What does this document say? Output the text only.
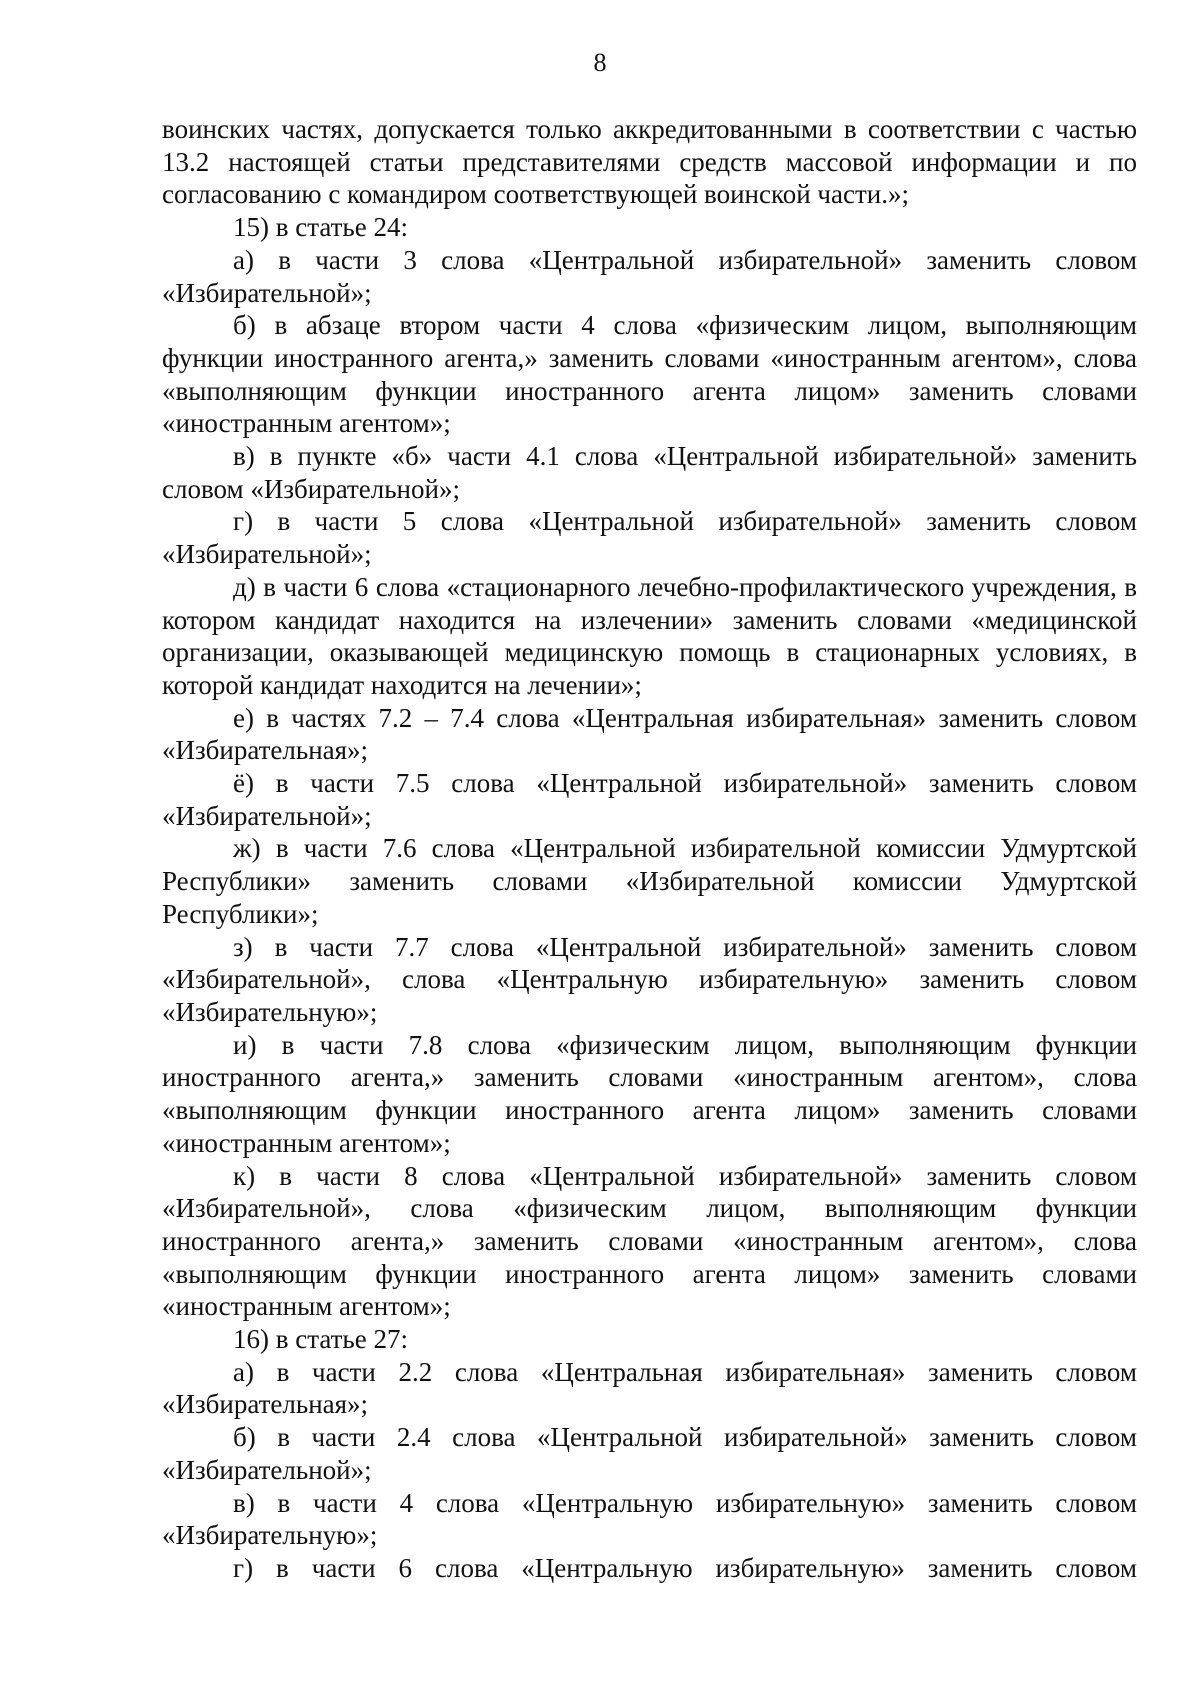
8

воинских частях, допускается только аккредитованными в соответствии с частью 13.2 настоящей статьи представителями средств массовой информации и по согласованию с командиром соответствующей воинской части.»;

15) в статье 24:

а) в части 3 слова «Центральной избирательной» заменить словом «Избирательной»;

б) в абзаце втором части 4 слова «физическим лицом, выполняющим функции иностранного агента,» заменить словами «иностранным агентом», слова «выполняющим функции иностранного агента лицом» заменить словами «иностранным агентом»;

в) в пункте «б» части 4.1 слова «Центральной избирательной» заменить словом «Избирательной»;

г) в части 5 слова «Центральной избирательной» заменить словом «Избирательной»;

д) в части 6 слова «стационарного лечебно-профилактического учреждения, в котором кандидат находится на излечении» заменить словами «медицинской организации, оказывающей медицинскую помощь в стационарных условиях, в которой кандидат находится на лечении»;

е) в частях 7.2 – 7.4 слова «Центральная избирательная» заменить словом «Избирательная»;

ё) в части 7.5 слова «Центральной избирательной» заменить словом «Избирательной»;

ж) в части 7.6 слова «Центральной избирательной комиссии Удмуртской Республики» заменить словами «Избирательной комиссии Удмуртской Республики»;

з) в части 7.7 слова «Центральной избирательной» заменить словом «Избирательной», слова «Центральную избирательную» заменить словом «Избирательную»;

и) в части 7.8 слова «физическим лицом, выполняющим функции иностранного агента,» заменить словами «иностранным агентом», слова «выполняющим функции иностранного агента лицом» заменить словами «иностранным агентом»;

к) в части 8 слова «Центральной избирательной» заменить словом «Избирательной», слова «физическим лицом, выполняющим функции иностранного агента,» заменить словами «иностранным агентом», слова «выполняющим функции иностранного агента лицом» заменить словами «иностранным агентом»;

16) в статье 27:

а) в части 2.2 слова «Центральная избирательная» заменить словом «Избирательная»;

б) в части 2.4 слова «Центральной избирательной» заменить словом «Избирательной»;

в) в части 4 слова «Центральную избирательную» заменить словом «Избирательную»;

г) в части 6 слова «Центральную избирательную» заменить словом
